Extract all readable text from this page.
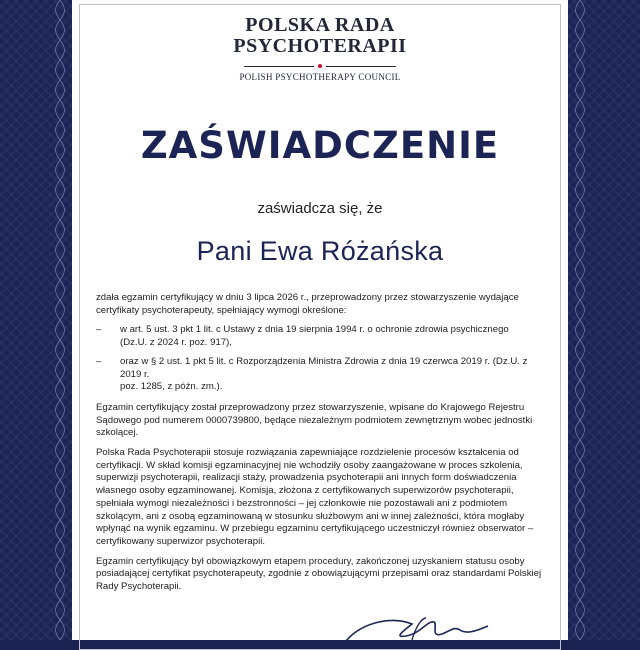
POLSKA RADA
PSYCHOTERAPII
POLISH PSYCHOTHERAPY COUNCIL
ZAŚWIADCZENIE
zaświadcza się, że
Pani Ewa Różańska

zdała egzamin certyfikujący w dniu 3 lipca 2026 r., przeprowadzony przez stowarzyszenie wydające certyfikaty psychoterapeuty, spełniający wymogi określone:

–	w art. 5 ust. 3 pkt 1 lit. c Ustawy z dnia 19 sierpnia 1994 r. o ochronie zdrowia psychicznego
(Dz.U. z 2024 r. poz. 917),
–	oraz w § 2 ust. 1 pkt 5 lit. c Rozporządzenia Ministra Zdrowia z dnia 19 czerwca 2019 r. (Dz.U. z 2019 r.
poz. 1285, z późn. zm.).

Egzamin certyfikujący został przeprowadzony przez stowarzyszenie, wpisane do Krajowego Rejestru Sądowego pod numerem 0000739800, będące niezależnym podmiotem zewnętrznym wobec jednostki szkolącej.

Polska Rada Psychoterapii stosuje rozwiązania zapewniające rozdzielenie procesów kształcenia od certyfikacji. W skład komisji egzaminacyjnej nie wchodziły osoby zaangażowane w proces szkolenia, superwizji psychoterapii, realizacji staży, prowadzenia psychoterapii ani innych form doświadczenia własnego osoby egzaminowanej. Komisja, złożona z certyfikowanych superwizorów psychoterapii, spełniała wymogi niezależności i bezstronności – jej członkowie nie pozostawali ani z podmiotem szkolącym, ani z osobą egzaminowaną w stosunku służbowym ani w innej zależności, która mogłaby wpłynąć na wynik egzaminu. W przebiegu egzaminu certyfikującego uczestniczył również obserwator – certyfikowany superwizor psychoterapii.

Egzamin certyfikujący był obowiązkowym etapem procedury, zakończonej uzyskaniem statusu osoby posiadającej certyfikat psychoterapeuty, zgodnie z obowiązującymi przepisami oraz standardami Polskiej Rady Psychoterapii.
